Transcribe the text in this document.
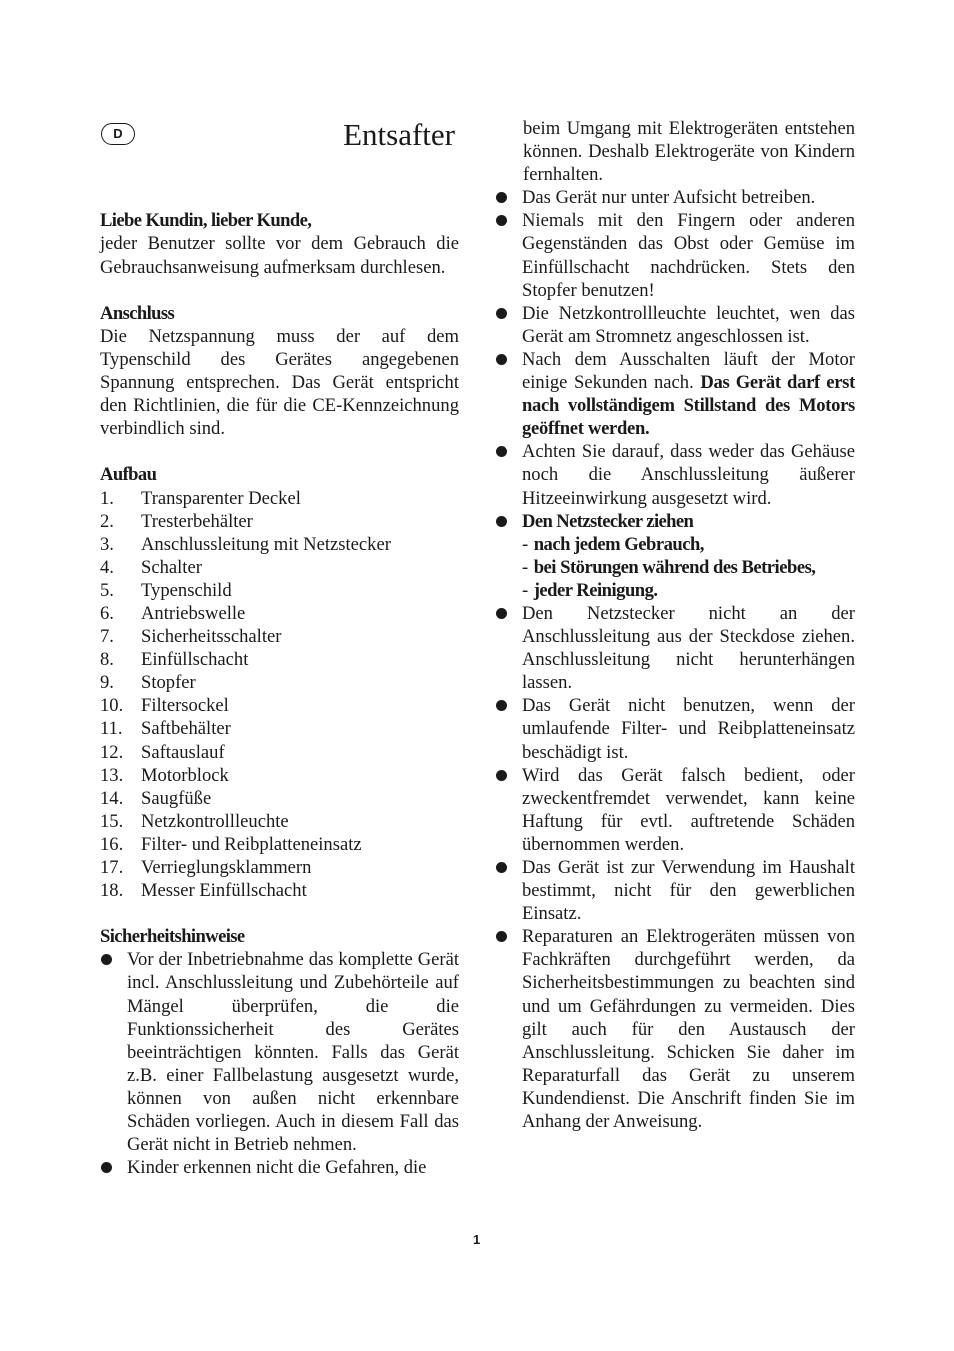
D	Entsafter

Liebe Kundin, lieber Kunde,

jeder Benutzer sollte vor dem Gebrauch die Gebrauchsanweisung aufmerksam durchlesen.

Anschluss

Die Netzspannung muss der auf dem Typenschild des Gerätes angegebenen Spannung entsprechen. Das Gerät entspricht den Richtlinien, die für die CE-Kennzeichnung verbindlich sind.

Aufbau

1.	Transparenter Deckel
2.	Tresterbehälter
3.	Anschlussleitung mit Netzstecker
4.	Schalter
5.	Typenschild
6.	Antriebswelle
7.	Sicherheitsschalter
8.	Einfüllschacht
9.	Stopfer
10. Filtersockel
11. Saftbehälter
12. Saftauslauf
13. Motorblock
14. Saugfüße
15. Netzkontrollleuchte
16. Filter- und Reibplatteneinsatz
17. Verrieglungsklammern
18. Messer Einfüllschacht

Sicherheitshinweise

Vor der Inbetriebnahme das komplette Gerät incl. Anschlussleitung und Zubehörteile auf Mängel überprüfen, die die Funktionssicherheit des Gerätes beeinträchtigen könnten. Falls das Gerät z.B. einer Fallbelastung ausgesetzt wurde, können von außen nicht erkennbare Schäden vorliegen. Auch in diesem Fall das Gerät nicht in Betrieb nehmen.
Kinder erkennen nicht die Gefahren, die

beim Umgang mit Elektrogeräten entstehen können. Deshalb Elektrogeräte von Kindern fernhalten.

Das Gerät nur unter Aufsicht betreiben.
Niemals mit den Fingern oder anderen Gegenständen das Obst oder Gemüse im Einfüllschacht nachdrücken. Stets den Stopfer benutzen!
Die Netzkontrollleuchte leuchtet, wen das Gerät am Stromnetz angeschlossen ist.
Nach dem Ausschalten läuft der Motor einige Sekunden nach. Das Gerät darf erst nach vollständigem Stillstand des Motors geöffnet werden.
Achten Sie darauf, dass weder das Gehäuse noch die Anschlussleitung äußerer Hitzeeinwirkung ausgesetzt wird.
Den Netzstecker ziehen
- nach jedem Gebrauch,
- bei Störungen während des Betriebes,
- jeder Reinigung.
Den Netzstecker nicht an der Anschlussleitung aus der Steckdose ziehen. Anschlussleitung nicht herunterhängen lassen.
Das Gerät nicht benutzen, wenn der umlaufende Filter- und Reibplatteneinsatz beschädigt ist.
Wird das Gerät falsch bedient, oder zweckentfremdet verwendet, kann keine Haftung für evtl. auftretende Schäden übernommen werden.
Das Gerät ist zur Verwendung im Haushalt bestimmt, nicht für den gewerblichen Einsatz.
Reparaturen an Elektrogeräten müssen von Fachkräften durchgeführt werden, da Sicherheitsbestimmungen zu beachten sind und um Gefährdungen zu vermeiden. Dies gilt auch für den Austausch der Anschlussleitung. Schicken Sie daher im Reparaturfall das Gerät zu unserem Kundendienst. Die Anschrift finden Sie im Anhang der Anweisung.
1
